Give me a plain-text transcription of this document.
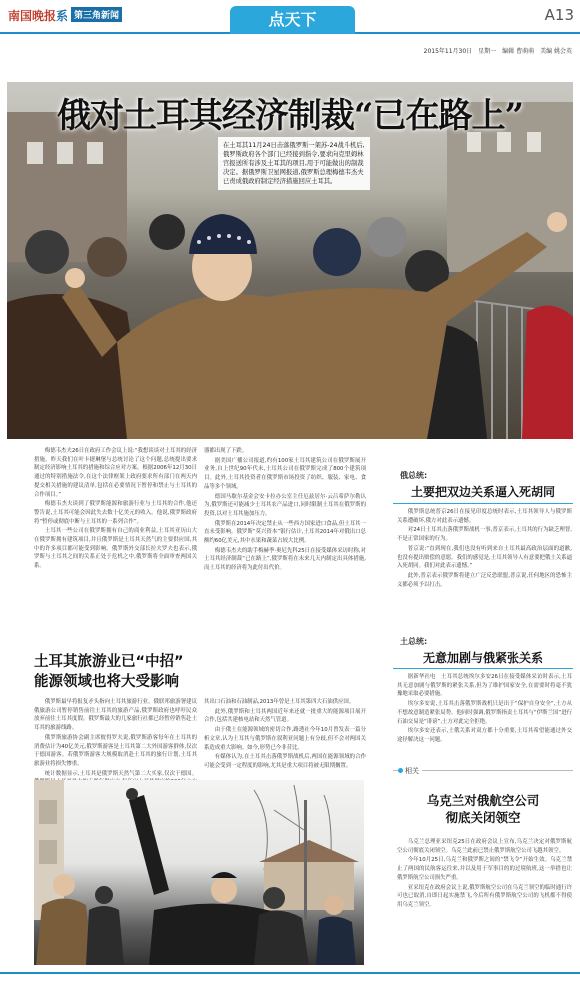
南国晚报系 第三角新闻	点天下	A13
2015年11月30日　星期一　编辑 曹萌萌　美编 姚会英
俄对土耳其经济制裁“已在路上”
在土耳其11月24日击落俄罗斯一架苏-24战斗机后,俄罗斯政府各个部门已经接到指令,要求向克里姆林宫报送所有涉及土耳其的项目,用于可能做出的制裁决定。据俄罗斯卫星网报道,俄罗斯总理梅德韦杰夫已责成俄政府制定经济措施回应土耳其。

梅德韦杰夫26日在政府工作会议上说:“我想谈谈对土耳其的经济措施。昨天我们在叶卡捷琳堡与总统讨论了这个问题,总统提出要求制定经济影响土耳其的措施和综合应对方案。根据2006年12月30日通过的特别措施法令,在这个法律框架上政府要求所有部门在两天内提交相关措施的建议清单,包括在必要情况下暂停和禁止与土耳其的合作项目。”

梅德韦杰夫谈到了俄罗斯能源和旅游行业与土耳其的合作,他还警告说,土耳其可能会因此失去数十亿美元的收入。他说,俄罗斯政府将“暂停或彻底中断与土耳其的一系列合作”。

土耳其一些公司在俄罗斯拥有自己的商业利益,土耳其亚历山大在俄罗斯拥有建筑项目,并且俄罗斯是土耳其天然气的主要供应国,其中的许多项目都可能受到影响。俄罗斯外交部长拉夫罗夫也表示,俄罗斯与土耳其之间的关系正处于危机之中,俄罗斯将全面审查两国关系。

器都出现了下跌。

据美国广播公司报道,约有100家土耳其建筑公司在俄罗斯展开业务,自上世纪90年代末,土耳其公司在俄罗斯完成了800个建筑项目。此外,土耳其投资者在俄罗斯市场投资了纺织、服装、家电、食品等多个领域。

德国马歇尔基金会安卡拉办公室主任厄兹居尔·云吕希萨尔勒认为,俄罗斯还可能减少土耳其农产品进口,同时限制土耳其在俄罗斯的投资,以对土耳其施加压力。

俄罗斯在2014年决定禁止从一些西方国家进口食品,但土耳其一直未受影响。俄罗斯“莫兴资本”银行估计,土耳其2014年对俄出口总额约60亿美元,其中水果和蔬菜占较大比例。

梅德韦杰夫的助手梅赫季·奥尼先科25日在接受媒体采访时称,对土耳其经济制裁“已在路上”,俄罗斯将在未来几天内制定出具体措施,而土耳其的经济将为此付出代价。

土耳其旅游业已“中招”
能源领域也将大受影响

俄罗斯最早将报复矛头指向土耳其旅游行业。俄联邦旅游署建议俄旅游公司暂停销售前往土耳其的旅游产品,俄罗斯政府也呼吁民众放弃前往土耳其度假。俄罗斯最大的几家旅行社都已经暂停销售赴土耳其的旅游线路。

俄罗斯旅游协会副主席彼得罗夫说,俄罗斯游客每年在土耳其的消费估计为40亿美元,俄罗斯游客是土耳其第二大外国游客群体,仅次于德国游客。若俄罗斯游客大规模取消赴土耳其的旅行计划,土耳其旅游业将损失惨重。

统计数据显示,土耳其是俄罗斯天然气第二大买家,仅次于德国。

其出口石油和石油制品,2013年曾是土耳其第四大石油供应国。

此外,俄罗斯和土耳其两国近年来还就一批重大的能源项目展开合作,包括共建核电站和天然气管道。

由于俄土在能源领域的密切合作,路透社今年10月曾发表一篇分析文章,认为土耳其与俄罗斯在叙利亚问题上有分歧,但不会对两国关系造成重大影响。如今,形势已今非昔比。

有媒体认为,在土耳其击落俄罗斯战机后,两国在能源领域的合作可能会受到一定程度的影响,尤其是重大项目将被无限期搁置。

俄总统:
土要把双边关系逼入死胡同

俄罗斯总统普京26日在接见印度总统时表示,土耳其领导人与俄罗斯关系遭破坏,俄方对此表示遗憾。

对24日土耳其击落俄罗斯战机一事,普京表示,土耳其的行为缺乏理智,不是正常国家的行为。

普京说:“直到现在,我们也没有听到来自土耳其最高政治层面的道歉,也没有提出赔偿的意愿。我们的感觉是,土耳其领导人有意要把俄土关系逼入死胡同。我们对此表示遗憾。”

此外,普京表示俄罗斯将建立广泛反恐联盟,普京说,任何地区的恐怖主义都必须予以打击。

土总统:
无意加剧与俄紧张关系

据新华社电　土耳其总统埃尔多安26日在接受媒体采访时表示,土耳其无意加剧与俄罗斯的紧张关系,但为了维护国家安全,在需要时将毫不犹豫地采取必要措施。

埃尔多安说,土耳其击落俄罗斯战机只是出于“保护自身安全”,土方从不想故意制造紧张局势。他同时强调,俄罗斯指责土耳其与“伊斯兰国”进行石油交易是“诽谤”,土方对此完全拒绝。

埃尔多安还表示,土俄关系对双方都十分重要,土耳其希望能通过外交途径解决这一问题。

相关
乌克兰对俄航空公司
彻底关闭领空

乌克兰总理亚采纽克25日在政府会议上宣布,乌克兰决定对俄罗斯航空公司彻底关闭领空。乌克兰此前已禁止俄罗斯航空公司飞越其领空。

今年10月25日,乌克兰和俄罗斯之间的“禁飞令”开始生效。乌克兰禁止了两国的民航客运往来,并以及用于军事目的的过境航班,这一举措也让俄罗斯航空公司损失严重。

亚采纽克在政府会议上说,俄罗斯航空公司在乌克兰领空的临时通行许可也已取消,自即日起实施禁飞,今后所有俄罗斯航空公司的飞机都不得使用乌克兰领空。
